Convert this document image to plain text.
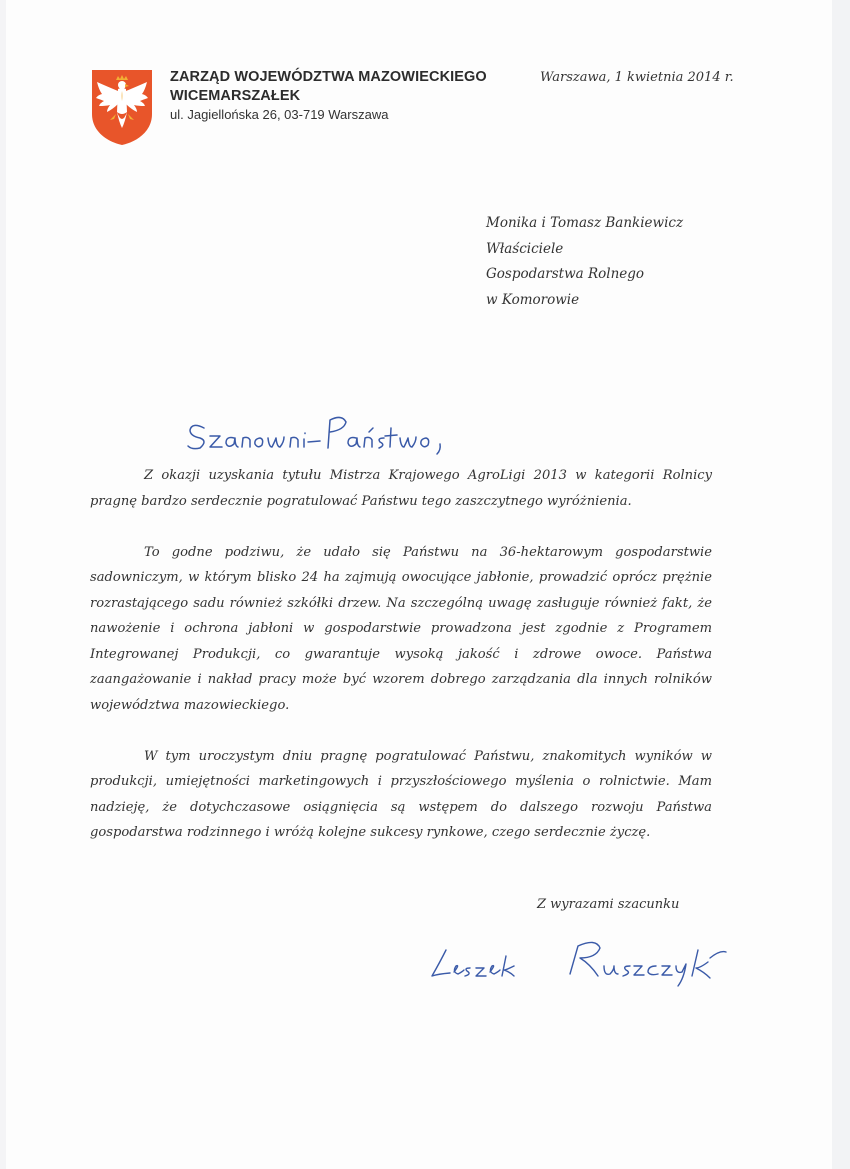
ZARZĄD WOJEWÓDZTWA MAZOWIECKIEGO

WICEMARSZAŁEK

ul. Jagiellońska 26, 03-719 Warszawa

Warszawa, 1 kwietnia 2014 r.
Monika i Tomasz Bankiewicz
Właściciele
Gospodarstwa Rolnego
w Komorowie

Z okazji uzyskania tytułu Mistrza Krajowego AgroLigi 2013 w kategorii Rolnicy pragnę bardzo serdecznie pogratulować Państwu tego zaszczytnego wyróżnienia.

To godne podziwu, że udało się Państwu na 36-hektarowym gospodarstwie sadowniczym, w którym blisko 24 ha zajmują owocujące jabłonie, prowadzić oprócz prężnie rozrastającego sadu również szkółki drzew. Na szczególną uwagę zasługuje również fakt, że nawożenie i ochrona jabłoni w gospodarstwie prowadzona jest zgodnie z Programem Integrowanej Produkcji, co gwarantuje wysoką jakość i zdrowe owoce. Państwa zaangażowanie i nakład pracy może być wzorem dobrego zarządzania dla innych rolników województwa mazowieckiego.

W tym uroczystym dniu pragnę pogratulować Państwu, znakomitych wyników w produkcji, umiejętności marketingowych i przyszłościowego myślenia o rolnictwie. Mam nadzieję, że dotychczasowe osiągnięcia są wstępem do dalszego rozwoju Państwa gospodarstwa rodzinnego i wróżą kolejne sukcesy rynkowe, czego serdecznie życzę.

Z wyrazami szacunku
